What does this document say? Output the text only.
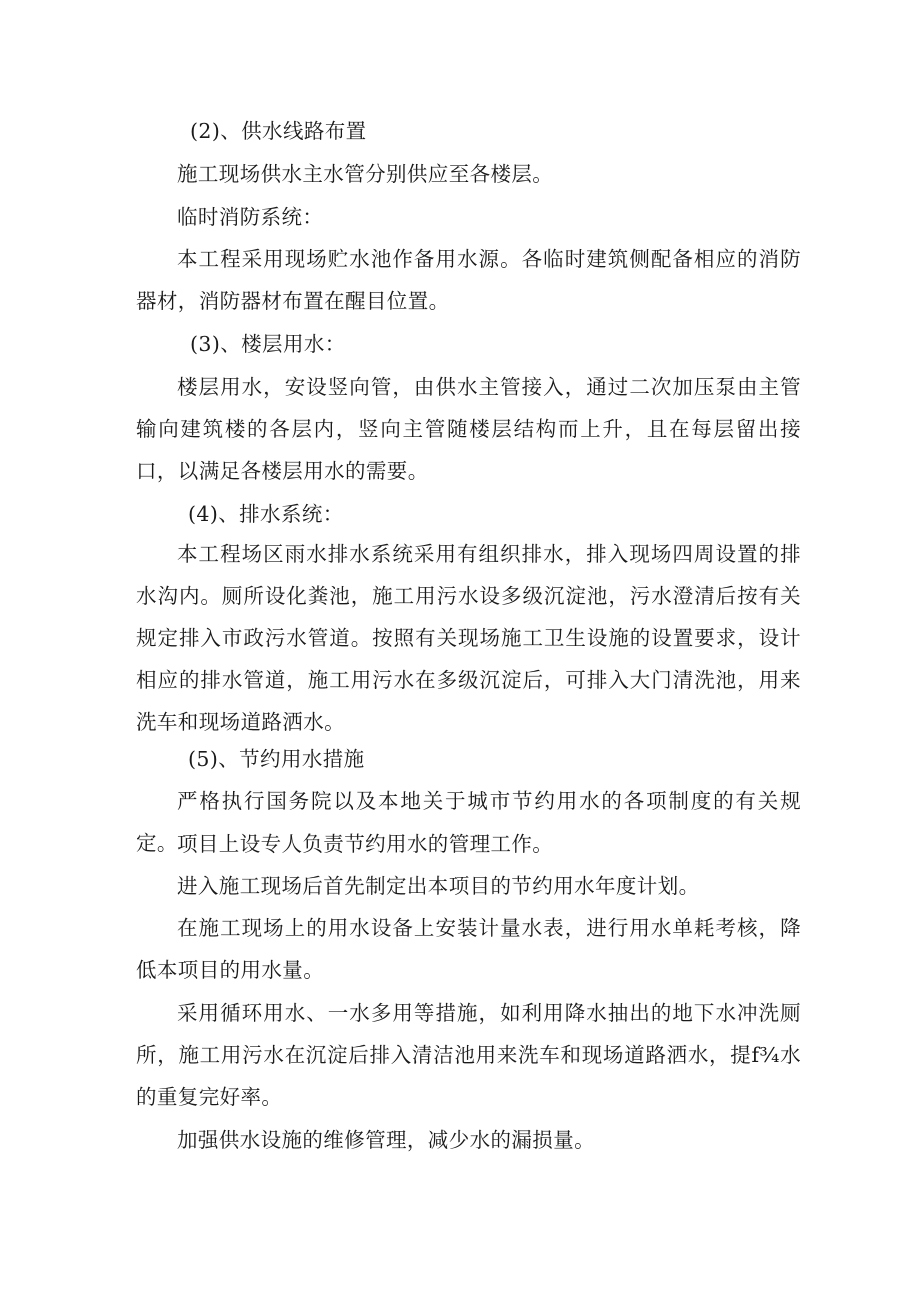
(2)、供水线路布置

施工现场供水主水管分别供应至各楼层。

临时消防系统：

本工程采用现场贮水池作备用水源。各临时建筑侧配备相应的消防器材，消防器材布置在醒目位置。

(3)、楼层用水：

楼层用水，安设竖向管，由供水主管接入，通过二次加压泵由主管输向建筑楼的各层内，竖向主管随楼层结构而上升，且在每层留出接口，以满足各楼层用水的需要。

(4)、排水系统：

本工程场区雨水排水系统采用有组织排水，排入现场四周设置的排水沟内。厕所设化粪池，施工用污水设多级沉淀池，污水澄清后按有关规定排入市政污水管道。按照有关现场施工卫生设施的设置要求，设计相应的排水管道，施工用污水在多级沉淀后，可排入大门清洗池，用来洗车和现场道路洒水。

(5)、节约用水措施

严格执行国务院以及本地关于城市节约用水的各项制度的有关规定。 项目上设专人负责节约用水的管理工作。

进入施工现场后首先制定出本项目的节约用水年度计划。

在施工现场上的用水设备上安装计量水表，进行用水单耗考核，降低本项目的用水量。

采用循环用水、一水多用等措施，如利用降水抽出的地下水冲洗厕所，施工用污水在沉淀后排入清洁池用来洗车和现场道路洒水，提f¾水的重复完好率。

加强供水设施的维修管理，减少水的漏损量。
